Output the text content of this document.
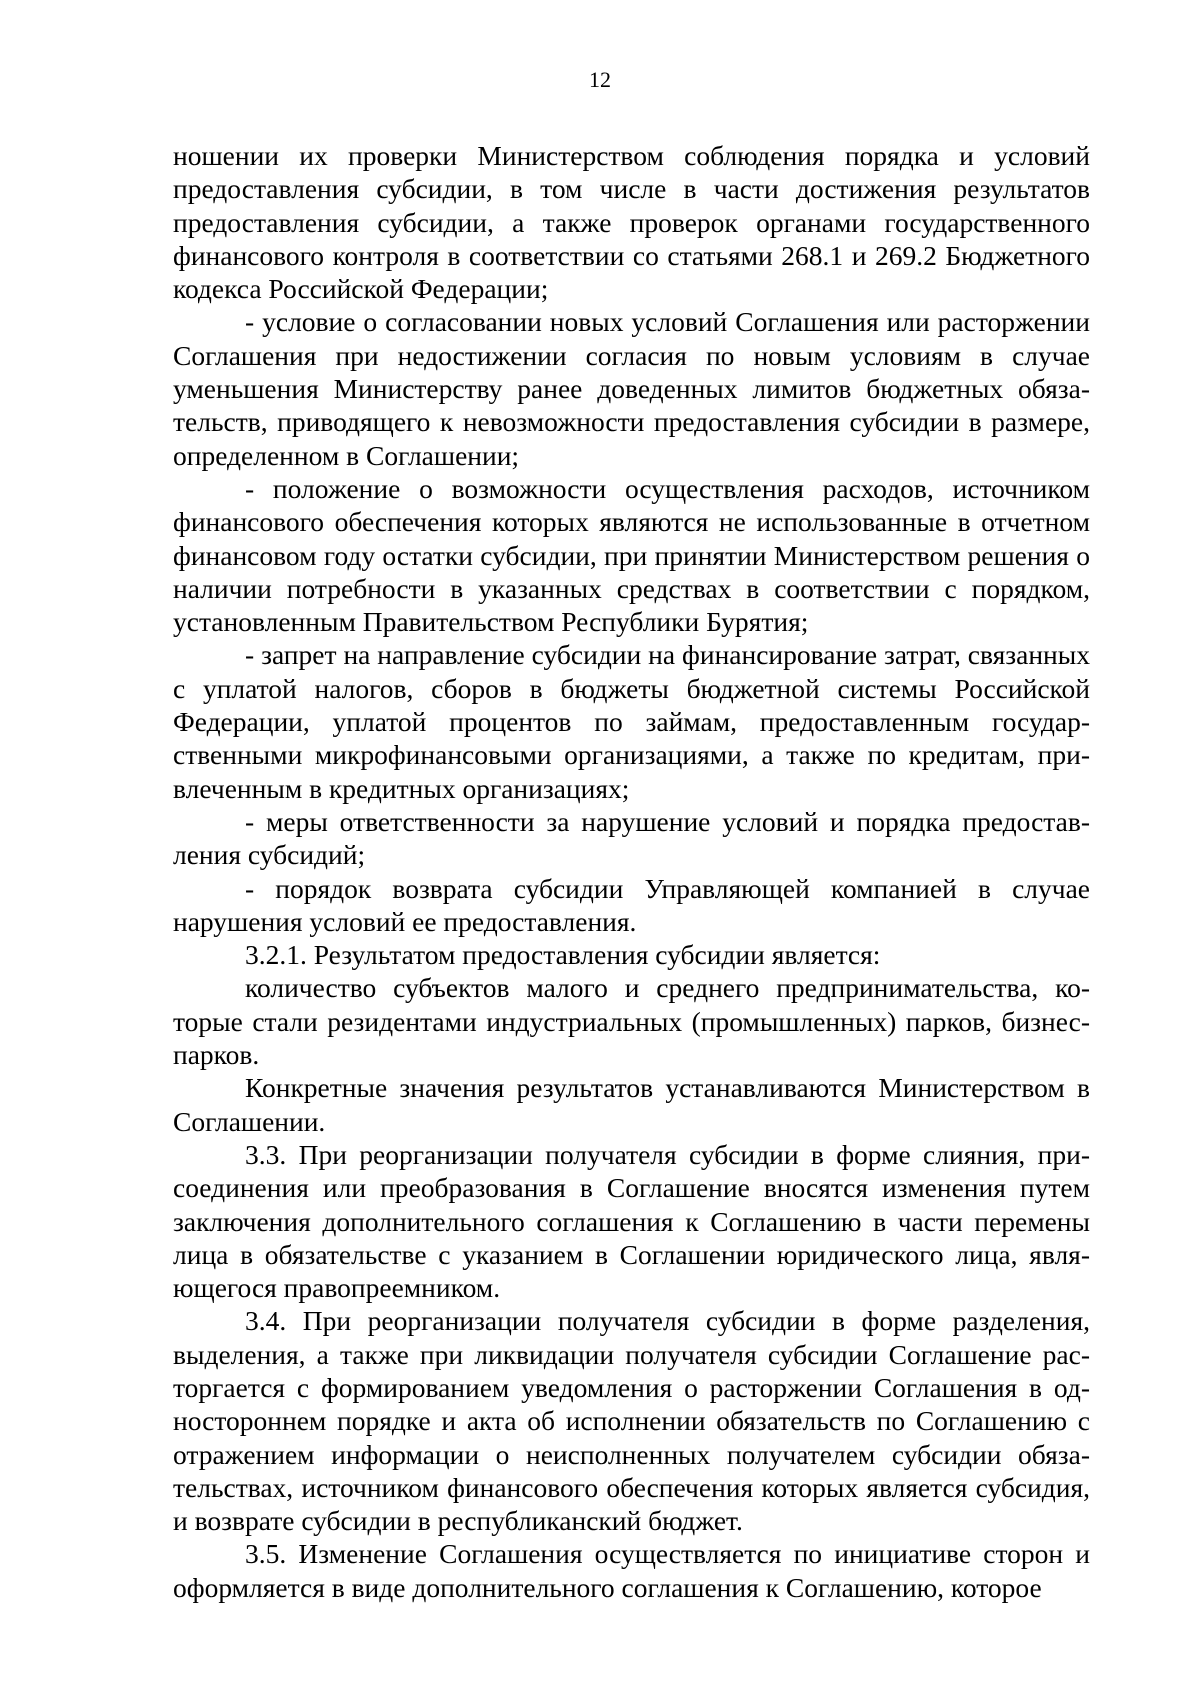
12

ношении их проверки Министерством соблюдения порядка и условий предоставления субсидии, в том числе в части достижения результатов предоставления субсидии, а также проверок органами государственного финансового контроля в соответствии со статьями 268.1 и 269.2 Бюджетного кодекса Российской Федерации;

- условие о согласовании новых условий Соглашения или расторжении Соглашения при недостижении согласия по новым условиям в случае уменьшения Министерству ранее доведенных лимитов бюджетных обязательств, приводящего к невозможности предоставления субсидии в размере, определенном в Соглашении;

- положение о возможности осуществления расходов, источником финансового обеспечения которых являются не использованные в отчетном финансовом году остатки субсидии, при принятии Министерством решения о наличии потребности в указанных средствах в соответствии с порядком, установленным Правительством Республики Бурятия;

- запрет на направление субсидии на финансирование затрат, связанных с уплатой налогов, сборов в бюджеты бюджетной системы Российской Федерации, уплатой процентов по займам, предоставленным государственными микрофинансовыми организациями, а также по кредитам, привлеченным в кредитных организациях;

- меры ответственности за нарушение условий и порядка предоставления субсидий;

- порядок возврата субсидии Управляющей компанией в случае нарушения условий ее предоставления.

3.2.1. Результатом предоставления субсидии является:

количество субъектов малого и среднего предпринимательства, которые стали резидентами индустриальных (промышленных) парков, бизнес-парков.

Конкретные значения результатов устанавливаются Министерством в Соглашении.

3.3. При реорганизации получателя субсидии в форме слияния, присоединения или преобразования в Соглашение вносятся изменения путем заключения дополнительного соглашения к Соглашению в части перемены лица в обязательстве с указанием в Соглашении юридического лица, являющегося правопреемником.

3.4. При реорганизации получателя субсидии в форме разделения, выделения, а также при ликвидации получателя субсидии Соглашение расторгается с формированием уведомления о расторжении Соглашения в одностороннем порядке и акта об исполнении обязательств по Соглашению с отражением информации о неисполненных получателем субсидии обязательствах, источником финансового обеспечения которых является субсидия, и возврате субсидии в республиканский бюджет.

3.5. Изменение Соглашения осуществляется по инициативе сторон и оформляется в виде дополнительного соглашения к Соглашению, которое
